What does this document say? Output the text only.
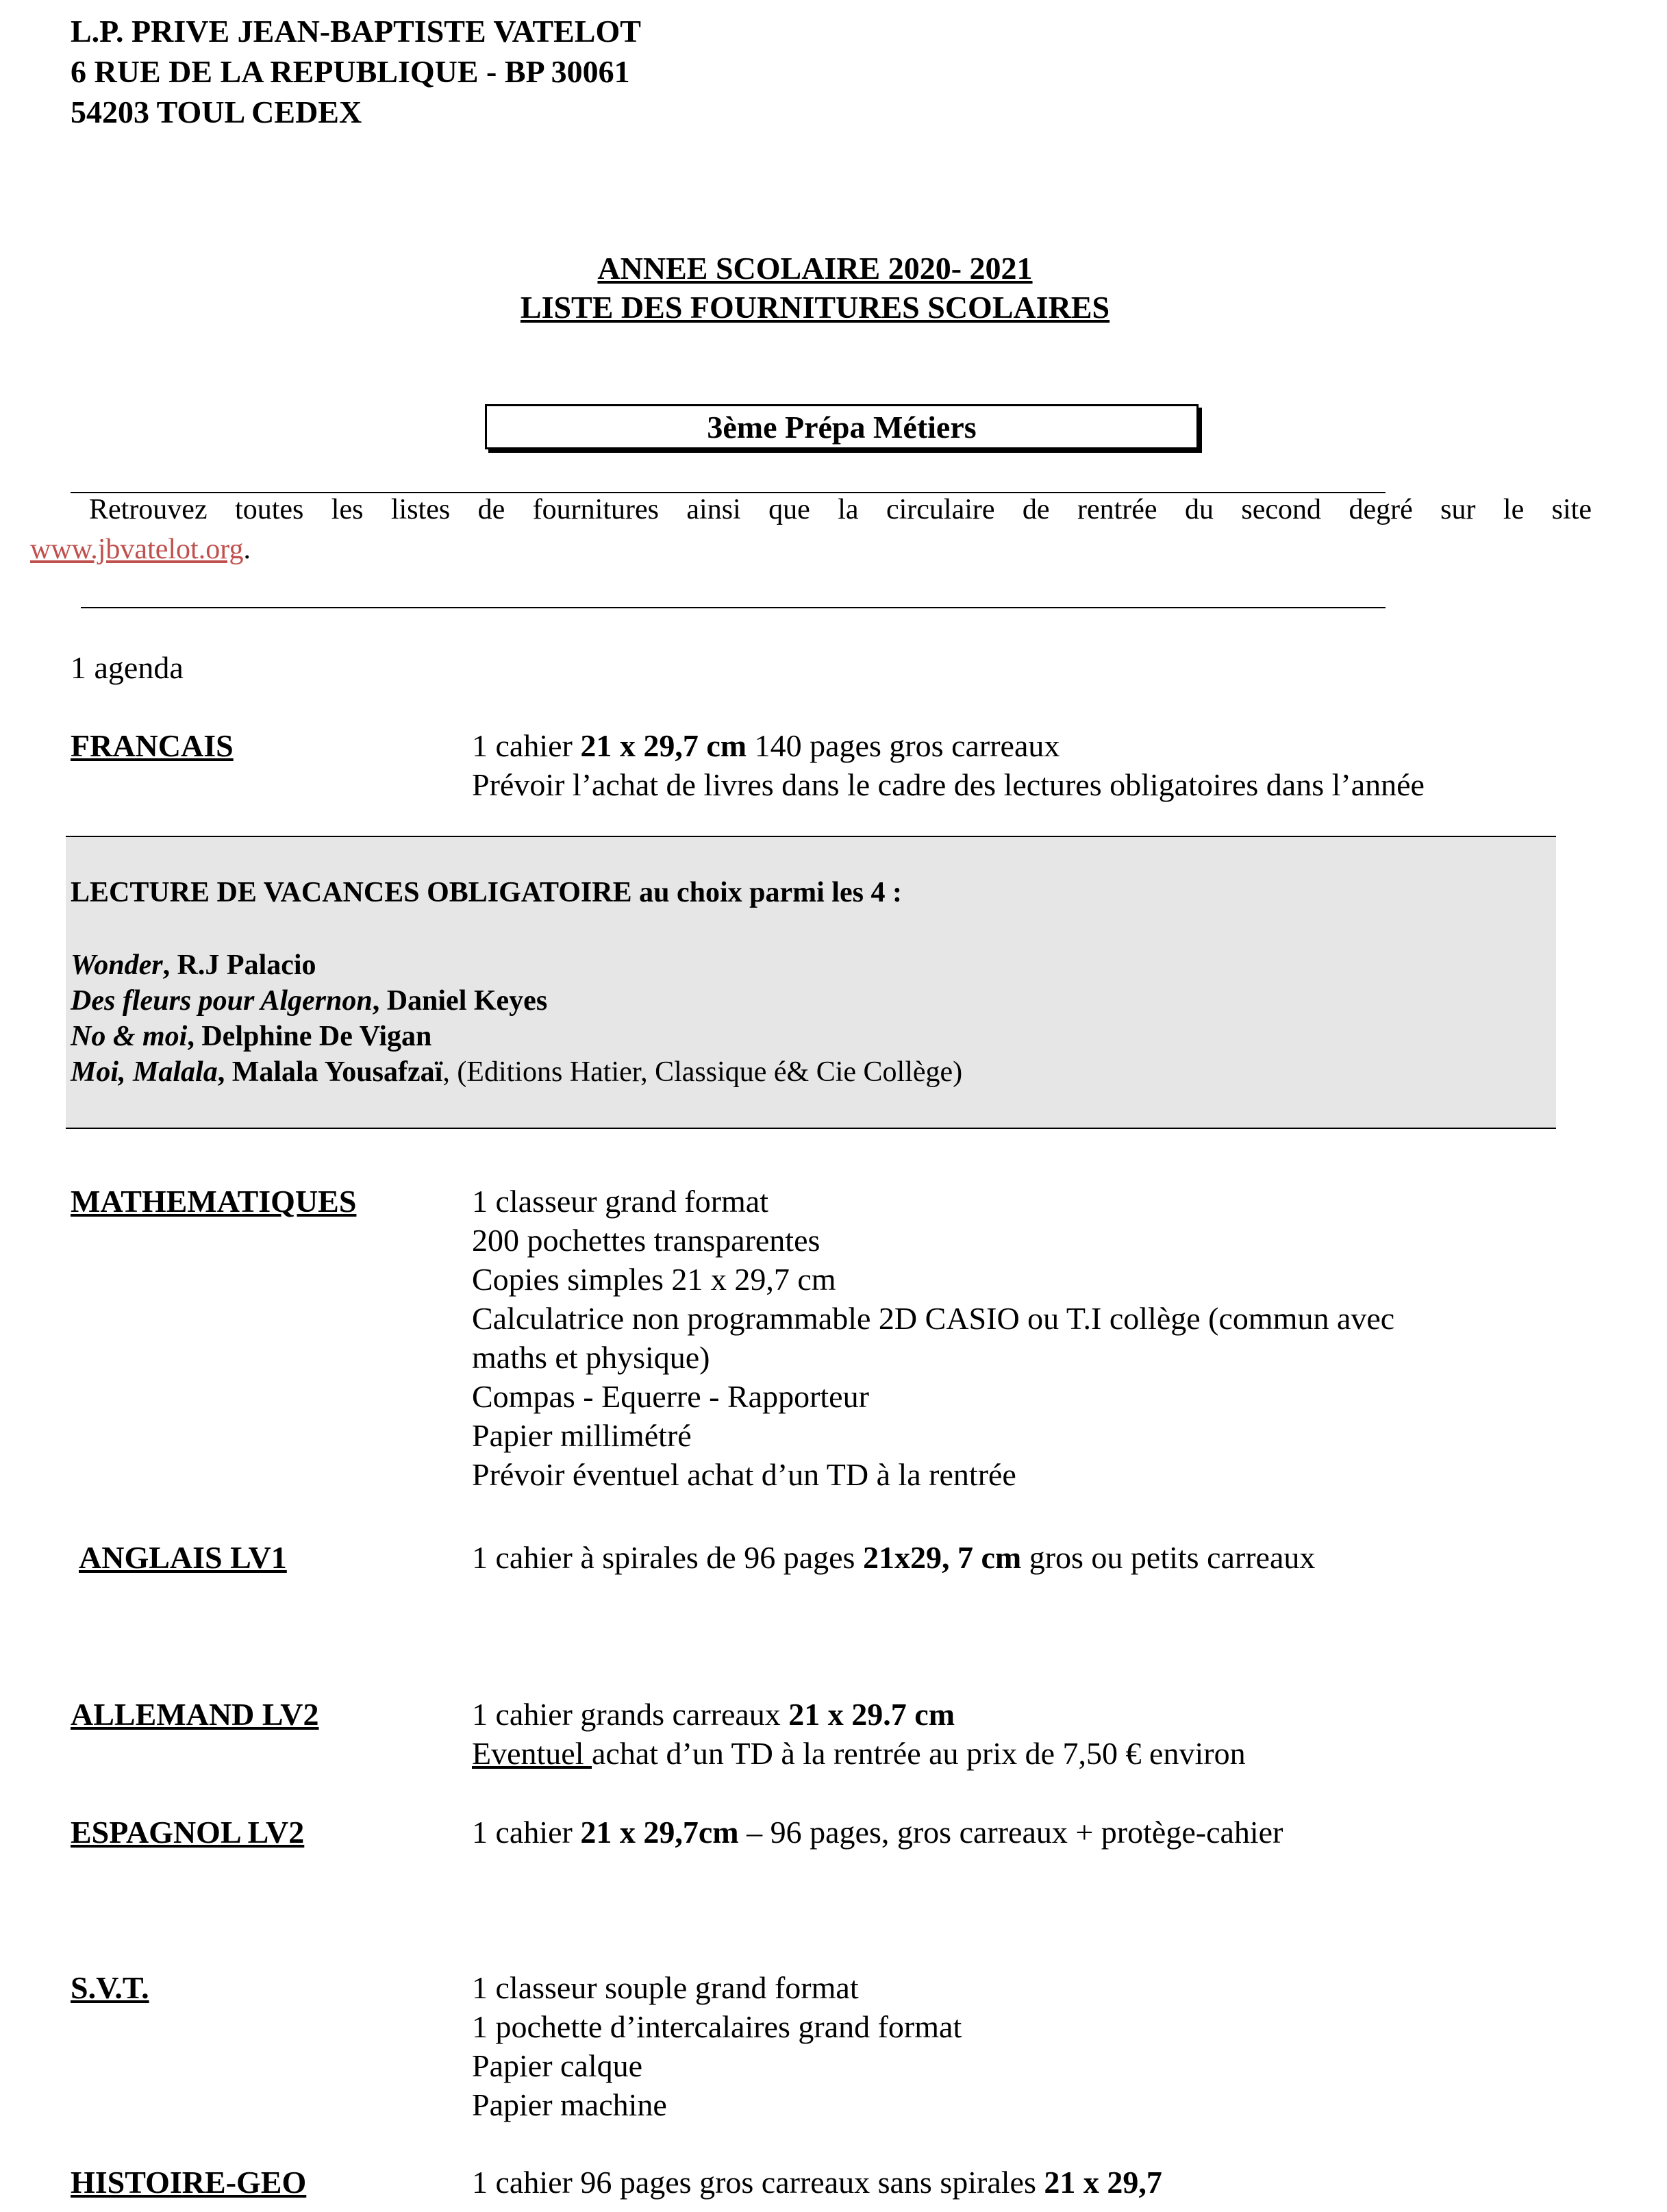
L.P. PRIVE JEAN-BAPTISTE VATELOT
6 RUE DE LA REPUBLIQUE - BP 30061
54203 TOUL CEDEX
ANNEE SCOLAIRE 2020- 2021
LISTE DES FOURNITURES SCOLAIRES
3ème Prépa Métiers
Retrouvez toutes les listes de fournitures ainsi que la circulaire de rentrée du second degré sur le site
www.jbvatelot.org.
1 agenda
FRANCAIS	1 cahier 21 x 29,7 cm 140 pages gros carreaux
Prévoir l’achat de livres dans le cadre des lectures obligatoires dans l’année
LECTURE DE VACANCES OBLIGATOIRE au choix parmi les 4 :
Wonder, R.J Palacio
Des fleurs pour Algernon, Daniel Keyes
No & moi, Delphine De Vigan
Moi, Malala, Malala Yousafzaï, (Editions Hatier, Classique é& Cie Collège)
MATHEMATIQUES	1 classeur grand format
200 pochettes transparentes
Copies simples 21 x 29,7 cm
Calculatrice non programmable 2D CASIO ou T.I collège (commun avec
maths et physique)
Compas - Equerre - Rapporteur
Papier millimétré
Prévoir éventuel achat d’un TD à la rentrée
ANGLAIS LV1	1 cahier à spirales de 96 pages 21x29, 7 cm gros ou petits carreaux
ALLEMAND LV2	1 cahier grands carreaux 21 x 29.7 cm
Eventuel achat d’un TD à la rentrée au prix de 7,50 € environ
ESPAGNOL LV2	1 cahier 21 x 29,7cm – 96 pages, gros carreaux + protège-cahier
S.V.T.	1 classeur souple grand format
1 pochette d’intercalaires grand format
Papier calque
Papier machine
HISTOIRE-GEO	1 cahier 96 pages gros carreaux sans spirales 21 x 29,7
